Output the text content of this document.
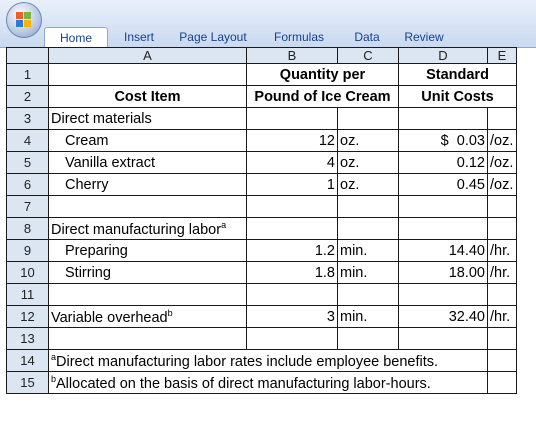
Home	Insert	Page Layout	Formulas	Data	Review
	A	B	C	D	E
1		Quantity per		Standard	
2	Cost Item	Pound of Ice Cream		Unit Costs	
3	Direct materials				
4	Cream	12	oz.	$  0.03	/oz.
5	Vanilla extract	4	oz.	0.12	/oz.
6	Cherry	1	oz.	0.45	/oz.
7					
8	Direct manufacturing labor$^a$				
9	Preparing	1.2	min.	14.40	/hr.
10	Stirring	1.8	min.	18.00	/hr.
11					
12	Variable overhead$^b$	3	min.	32.40	/hr.
13					
14	$^a$Direct manufacturing labor rates include employee benefits.				
15	$^b$Allocated on the basis of direct manufacturing labor-hours.				
